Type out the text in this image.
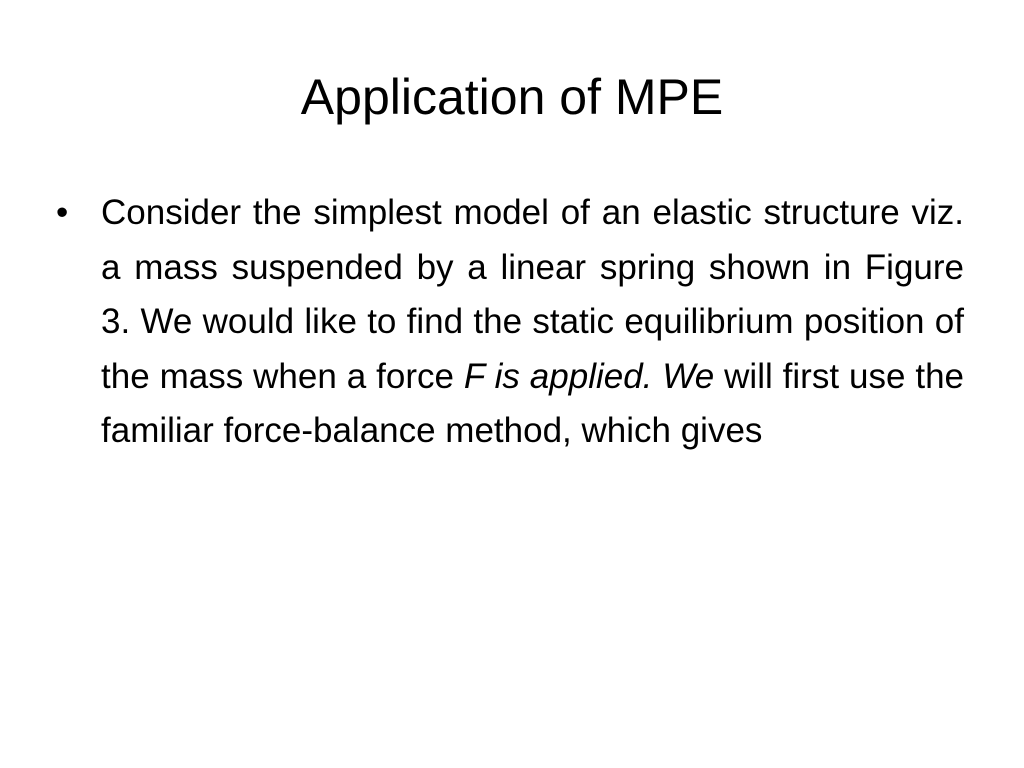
Application of MPE
• Consider the simplest model of an elastic structure viz. a mass suspended by a linear spring shown in Figure 3. We would like to find the static equilibrium position of the mass when a force F is applied. We will first use the familiar force-balance method, which gives
